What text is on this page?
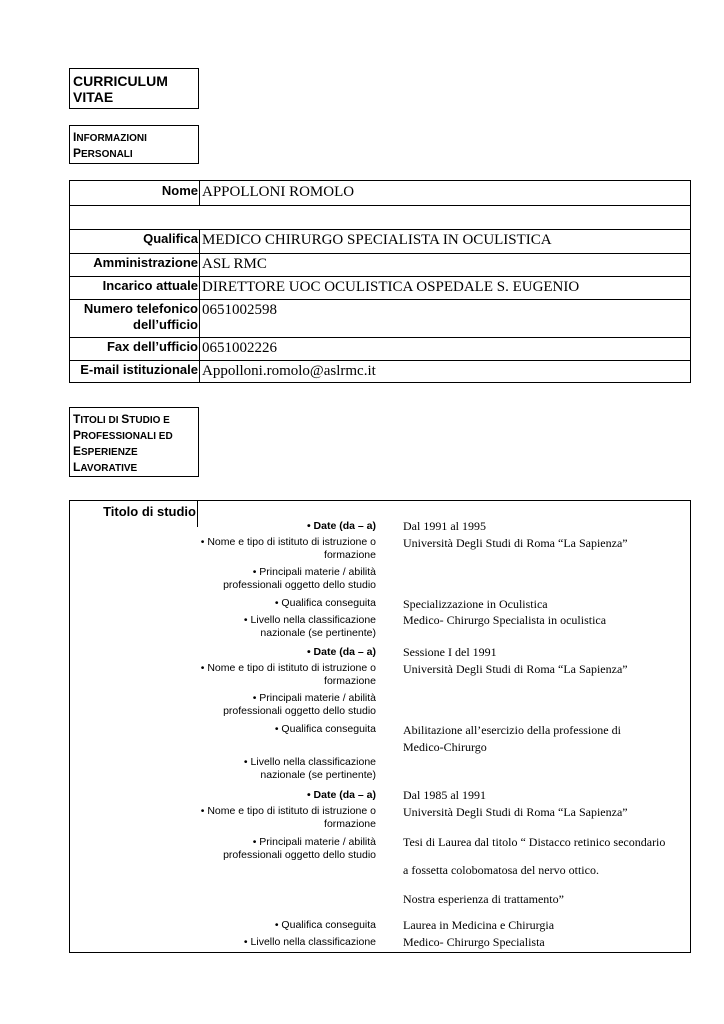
CURRICULUM VITAE
INFORMAZIONI
PERSONALI
Nome APPOLLONI ROMOLO
Qualifica MEDICO CHIRURGO SPECIALISTA IN OCULISTICA
Amministrazione ASL RMC
Incarico attuale DIRETTORE UOC OCULISTICA OSPEDALE S. EUGENIO
Numero telefonico dell’ufficio
0651002598
Fax dell’ufficio 0651002226
E-mail istituzionale Appolloni.romolo@aslrmc.it
TITOLI DI STUDIO E
PROFESSIONALI ED
ESPERIENZE
LAVORATIVE
Titolo di studio
• Date (da – a) Dal 1991 al 1995
• Nome e tipo di istituto di istruzione o formazione
Università Degli Studi di Roma “La Sapienza”
• Principali materie / abilità professionali oggetto dello studio
• Qualifica conseguita Specializzazione in Oculistica
• Livello nella classificazione nazionale (se pertinente)
Medico- Chirurgo Specialista in oculistica
• Date (da – a) Sessione I del 1991
• Nome e tipo di istituto di istruzione o formazione
Università Degli Studi di Roma “La Sapienza”
• Principali materie / abilità professionali oggetto dello studio
• Qualifica conseguita Abilitazione all’esercizio della professione di
Medico-Chirurgo
• Livello nella classificazione nazionale (se pertinente)
• Date (da – a) Dal 1985 al 1991
• Nome e tipo di istituto di istruzione o formazione
Università Degli Studi di Roma “La Sapienza”
• Principali materie / abilità professionali oggetto dello studio
Tesi di Laurea dal titolo “ Distacco retinico secondario
a fossetta colobomatosa del nervo ottico.
Nostra esperienza di trattamento”
• Qualifica conseguita Laurea in Medicina e Chirurgia
• Livello nella classificazione Medico- Chirurgo Specialista
